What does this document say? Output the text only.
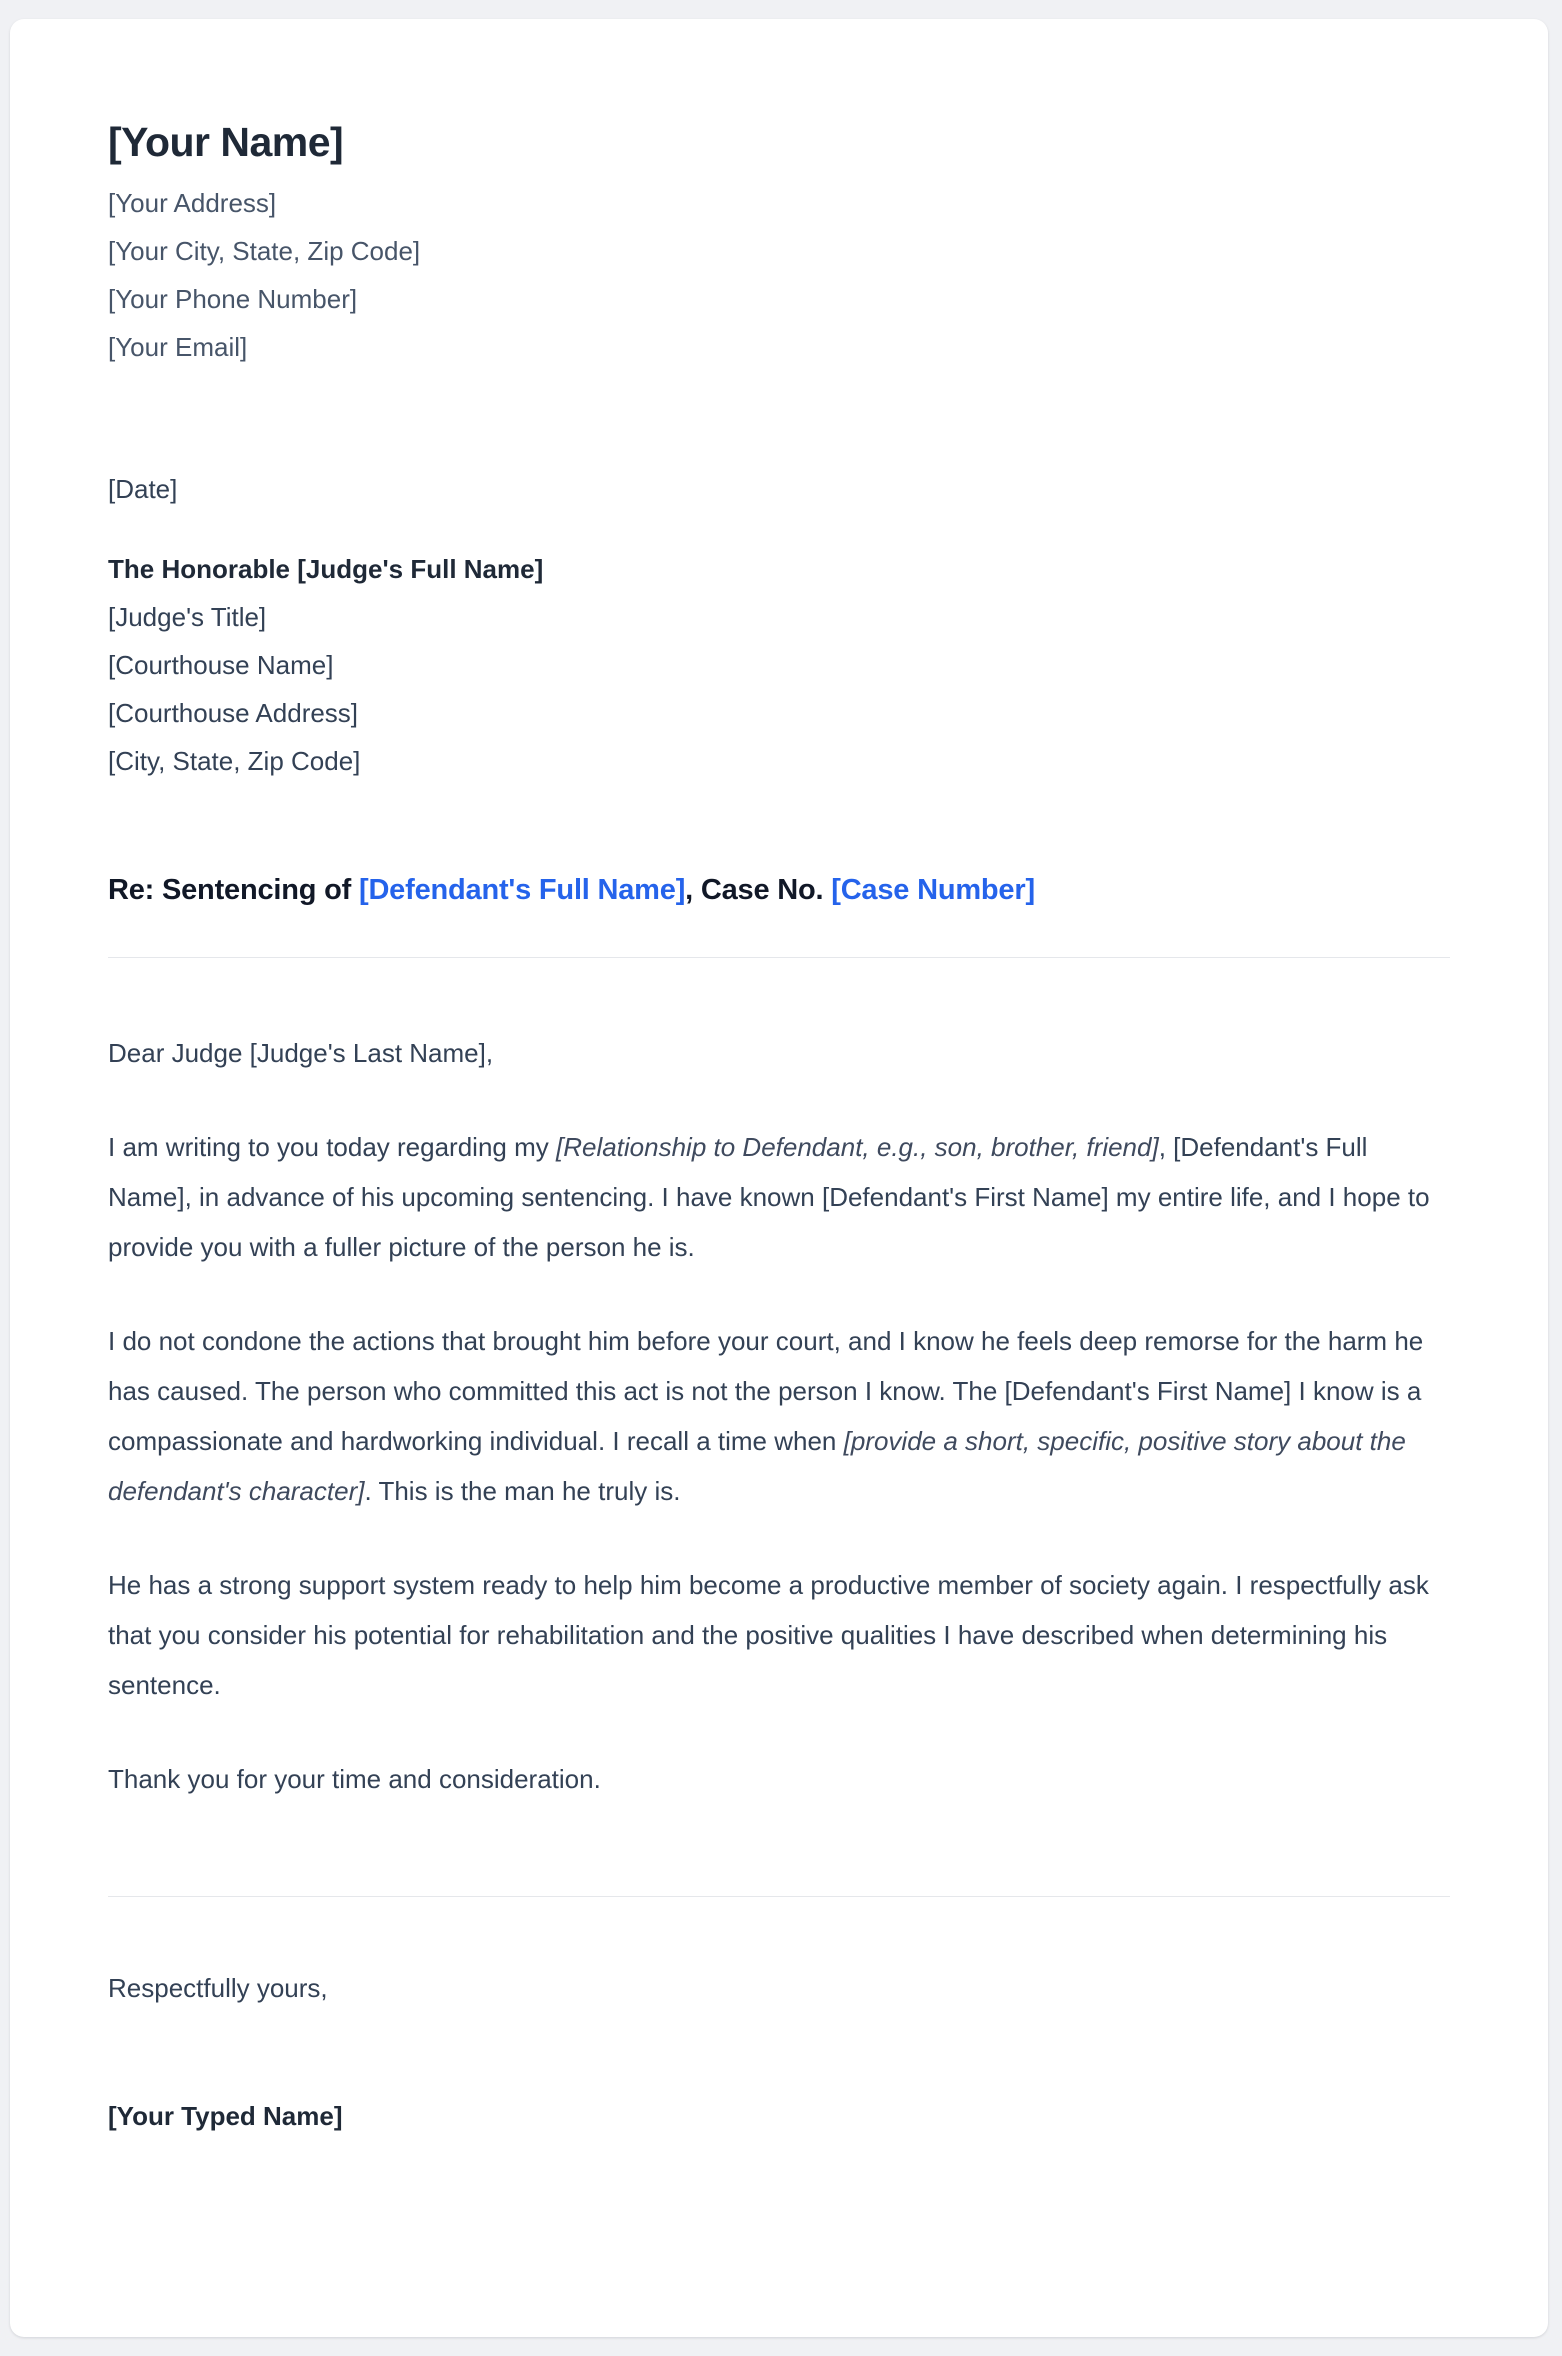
[Your Name]
[Your Address]
[Your City, State, Zip Code]
[Your Phone Number]
[Your Email]
[Date]
The Honorable [Judge's Full Name]
[Judge's Title]
[Courthouse Name]
[Courthouse Address]
[City, State, Zip Code]
Re: Sentencing of [Defendant's Full Name], Case No. [Case Number]
Dear Judge [Judge's Last Name],

I am writing to you today regarding my [Relationship to Defendant, e.g., son, brother, friend], [Defendant's Full Name], in advance of his upcoming sentencing. I have known [Defendant's First Name] my entire life, and I hope to provide you with a fuller picture of the person he is.

I do not condone the actions that brought him before your court, and I know he feels deep remorse for the harm he has caused. The person who committed this act is not the person I know. The [Defendant's First Name] I know is a compassionate and hardworking individual. I recall a time when [provide a short, specific, positive story about the defendant's character]. This is the man he truly is.

He has a strong support system ready to help him become a productive member of society again. I respectfully ask that you consider his potential for rehabilitation and the positive qualities I have described when determining his sentence.

Thank you for your time and consideration.

Respectfully yours,
[Your Typed Name]
